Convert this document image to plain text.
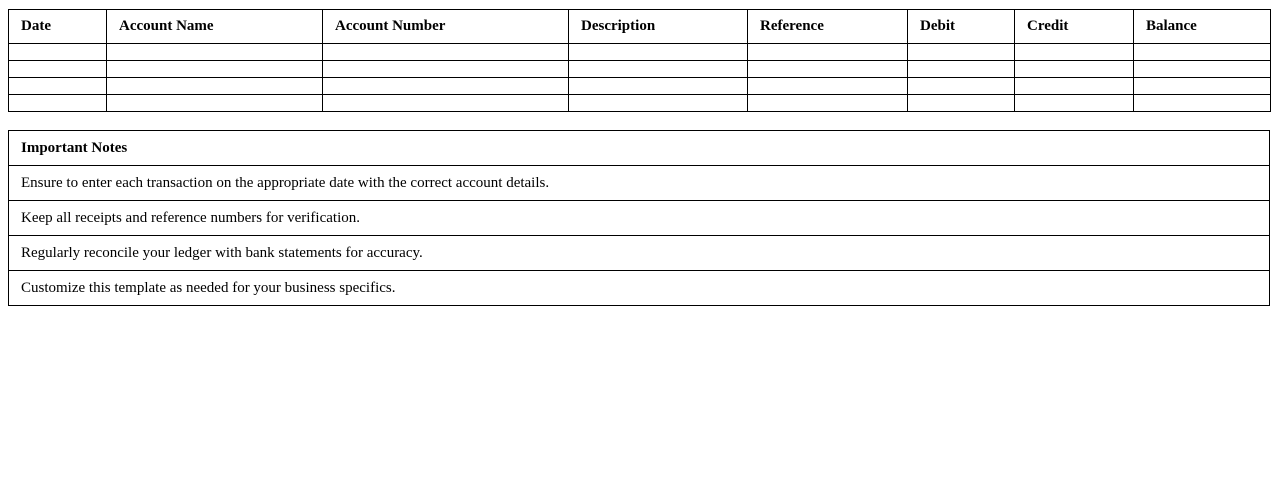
Date	Account Name	Account Number	Description	Reference	Debit	Credit	Balance

Important Notes
Ensure to enter each transaction on the appropriate date with the correct account details.
Keep all receipts and reference numbers for verification.
Regularly reconcile your ledger with bank statements for accuracy.
Customize this template as needed for your business specifics.
